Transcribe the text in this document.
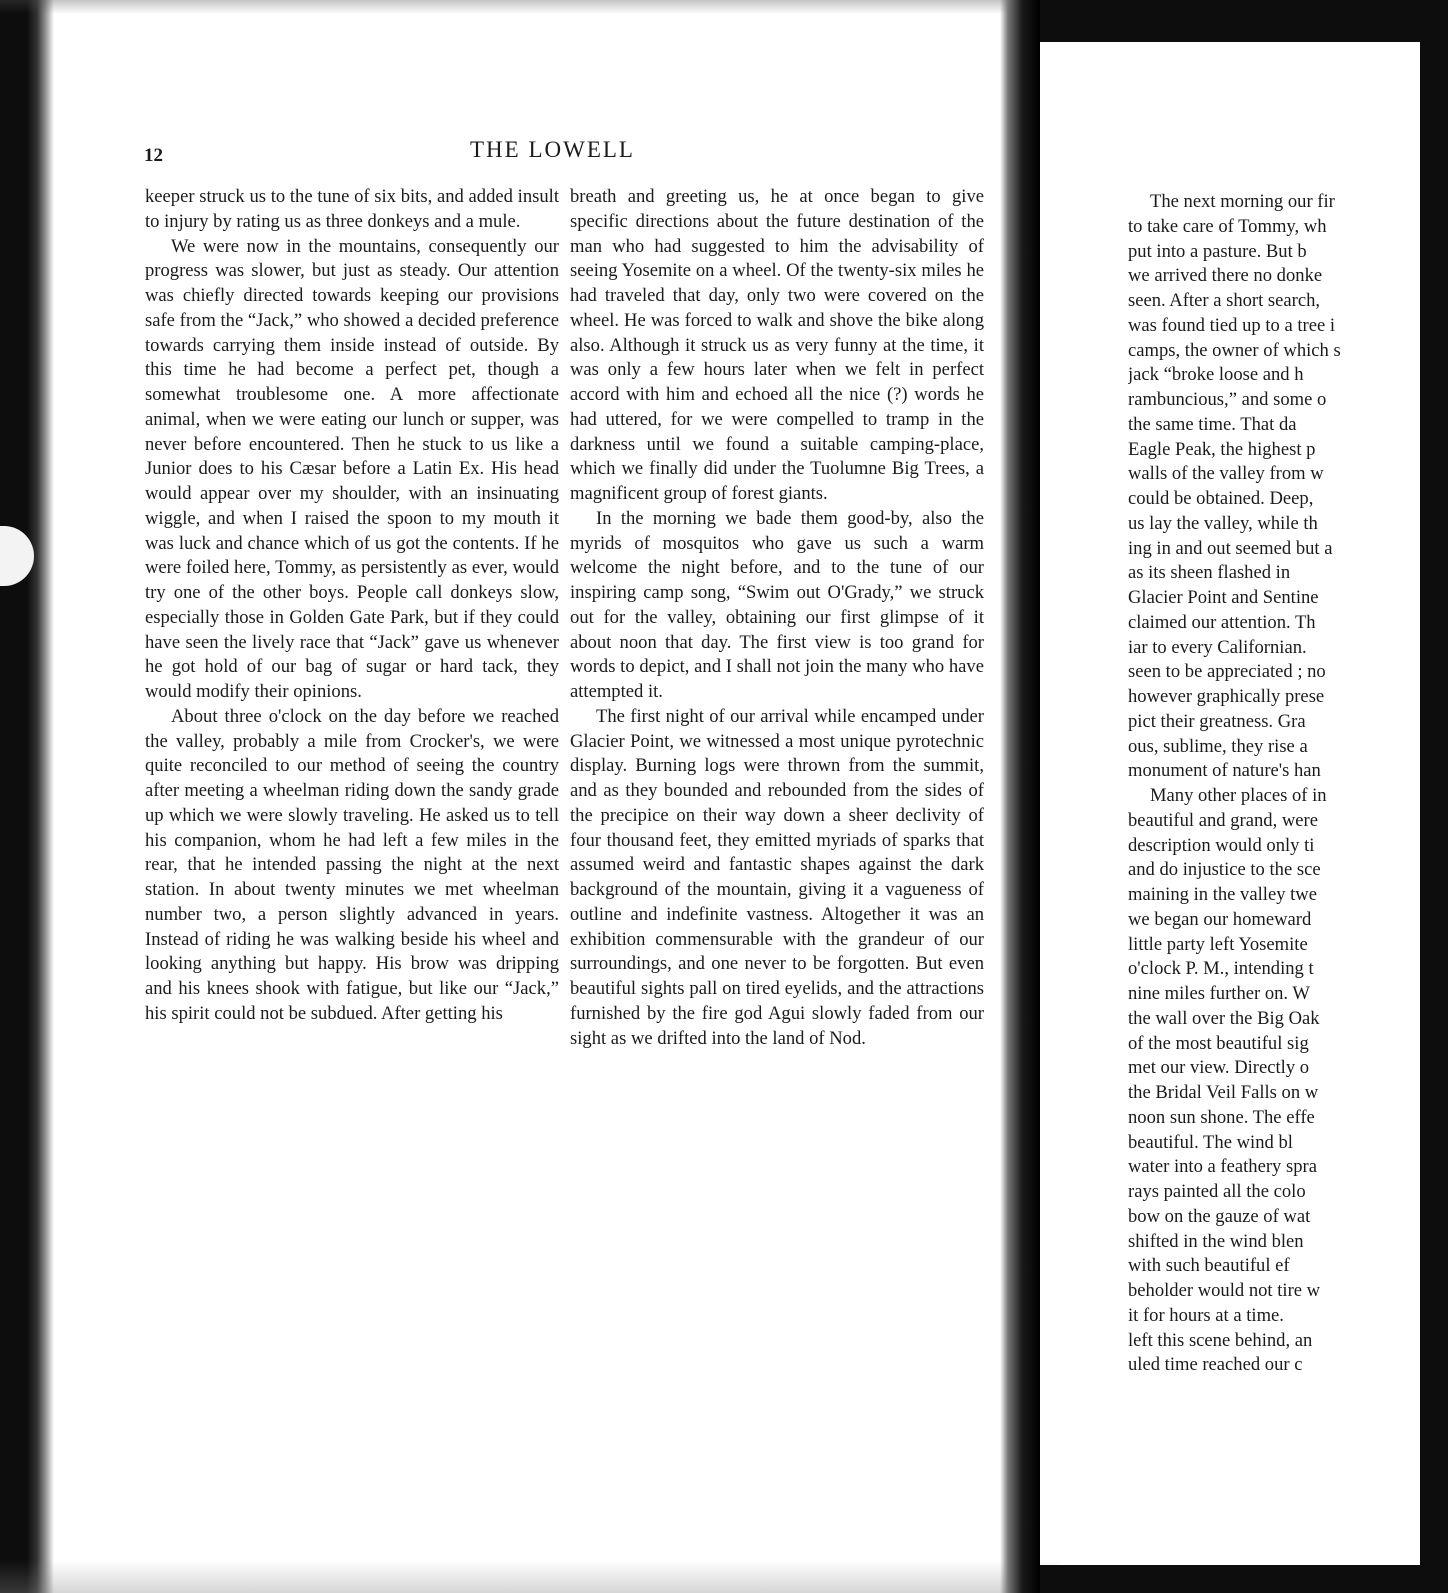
12	THE LOWELL

keeper struck us to the tune of six bits, and added insult to injury by rating us as three donkeys and a mule.

We were now in the mountains, consequently our progress was slower, but just as steady. Our attention was chiefly directed towards keeping our provisions safe from the “Jack,” who showed a decided preference towards carrying them inside instead of outside. By this time he had become a perfect pet, though a somewhat troublesome one. A more affectionate animal, when we were eating our lunch or supper, was never before encountered. Then he stuck to us like a Junior does to his Cæsar before a Latin Ex. His head would appear over my shoulder, with an insinuating wiggle, and when I raised the spoon to my mouth it was luck and chance which of us got the contents. If he were foiled here, Tommy, as persistently as ever, would try one of the other boys. People call donkeys slow, especially those in Golden Gate Park, but if they could have seen the lively race that “Jack” gave us whenever he got hold of our bag of sugar or hard tack, they would modify their opinions.

About three o'clock on the day before we reached the valley, probably a mile from Crocker's, we were quite reconciled to our method of seeing the country after meeting a wheelman riding down the sandy grade up which we were slowly traveling. He asked us to tell his companion, whom he had left a few miles in the rear, that he intended passing the night at the next station. In about twenty minutes we met wheelman number two, a person slightly advanced in years. Instead of riding he was walking beside his wheel and looking anything but happy. His brow was dripping and his knees shook with fatigue, but like our “Jack,” his spirit could not be subdued. After getting his

breath and greeting us, he at once began to give specific directions about the future destination of the man who had suggested to him the advisability of seeing Yosemite on a wheel. Of the twenty-six miles he had traveled that day, only two were covered on the wheel. He was forced to walk and shove the bike along also. Although it struck us as very funny at the time, it was only a few hours later when we felt in perfect accord with him and echoed all the nice (?) words he had uttered, for we were compelled to tramp in the darkness until we found a suitable camping-place, which we finally did under the Tuolumne Big Trees, a magnificent group of forest giants.

In the morning we bade them good-by, also the myrids of mosquitos who gave us such a warm welcome the night before, and to the tune of our inspiring camp song, “Swim out O'Grady,” we struck out for the valley, obtaining our first glimpse of it about noon that day. The first view is too grand for words to depict, and I shall not join the many who have attempted it.

The first night of our arrival while encamped under Glacier Point, we witnessed a most unique pyrotechnic display. Burning logs were thrown from the summit, and as they bounded and rebounded from the sides of the precipice on their way down a sheer declivity of four thousand feet, they emitted myriads of sparks that assumed weird and fantastic shapes against the dark background of the mountain, giving it a vagueness of outline and indefinite vastness. Altogether it was an exhibition commensurable with the grandeur of our surroundings, and one never to be forgotten. But even beautiful sights pall on tired eyelids, and the attractions furnished by the fire god Agui slowly faded from our sight as we drifted into the land of Nod.

The next morning our fir
to take care of Tommy, wh
put into a pasture. But b
we arrived there no donke
seen. After a short search,
was found tied up to a tree i
camps, the owner of which s
jack “broke loose and h
rambuncious,” and some o
the same time. That da
Eagle Peak, the highest p
walls of the valley from w
could be obtained. Deep,
us lay the valley, while th
ing in and out seemed but a
as its sheen flashed in
Glacier Point and Sentine
claimed our attention. Th
iar to every Californian.
seen to be appreciated ; no
however graphically prese
pict their greatness. Gra
ous, sublime, they rise a
monument of nature's han
Many other places of in
beautiful and grand, were
description would only ti
and do injustice to the sce
maining in the valley twe
we began our homeward
little party left Yosemite
o'clock P. M., intending t
nine miles further on. W
the wall over the Big Oak
of the most beautiful sig
met our view. Directly o
the Bridal Veil Falls on w
noon sun shone. The effe
beautiful. The wind bl
water into a feathery spra
rays painted all the colo
bow on the gauze of wat
shifted in the wind blen
with such beautiful ef
beholder would not tire w
it for hours at a time.
left this scene behind, an
uled time reached our c
